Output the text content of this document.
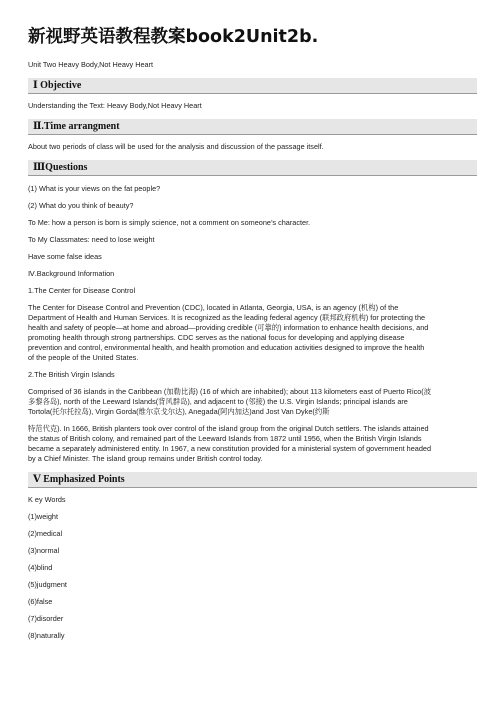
新视野英语教程教案book2Unit2b.

Unit Two Heavy Body,Not Heavy Heart

Ⅰ Objective

Understanding the Text: Heavy Body,Not Heavy Heart

Ⅱ.Time arrangment

About two periods of class will be used for the analysis and discussion of the passage itself.

ⅢQuestions

(1) What is your views on the fat people?

(2) What do you think of beauty?

To Me: how a person is born is simply science, not a comment on someone’s character.

To My Classmates: need to lose weight

Have some false ideas

Ⅳ.Background Information

1.The Center for Disease Control

The Center for Disease Control and Prevention (CDC), located in Atlanta, Georgia, USA, is an agency (机构) of the

Department of Health and Human Services. It is recognized as the leading federal agency (联邦政府机构) for protecting the

health and safety of people—at home and abroad—providing credible (可靠的) information to enhance health decisions, and

promoting health through strong partnerships. CDC serves as the national focus for developing and applying disease

prevention and control, environmental health, and health promotion and education activities designed to improve the health

of the people of the United States.

2.The British Virgin Islands

Comprised of 36 islands in the Caribbean (加勒比海) (16 of which are inhabited); about 113 kilometers east of Puerto Rico(波

多黎各岛), north of the Leeward Islands(背风群岛), and adjacent to (邻接) the U.S. Virgin Islands; principal islands are

Tortola(托尔托拉岛), Virgin Gorda(维尔京戈尔达), Anegada(阿内加达)and Jost Van Dyke(约斯

特范代克). In 1666, British planters took over control of the island group from the original Dutch settlers. The islands attained

the status of British colony, and remained part of the Leeward Islands from 1872 until 1956, when the British Virgin Islands

became a separately administered entity. In 1967, a new constitution provided for a ministerial system of government headed

by a Chief Minister. The island group remains under British control today.

Ⅴ Emphasized Points

K ey Words

(1)weight

(2)medical

(3)normal

(4)blind

(5)judgment

(6)false

(7)disorder

(8)naturally
